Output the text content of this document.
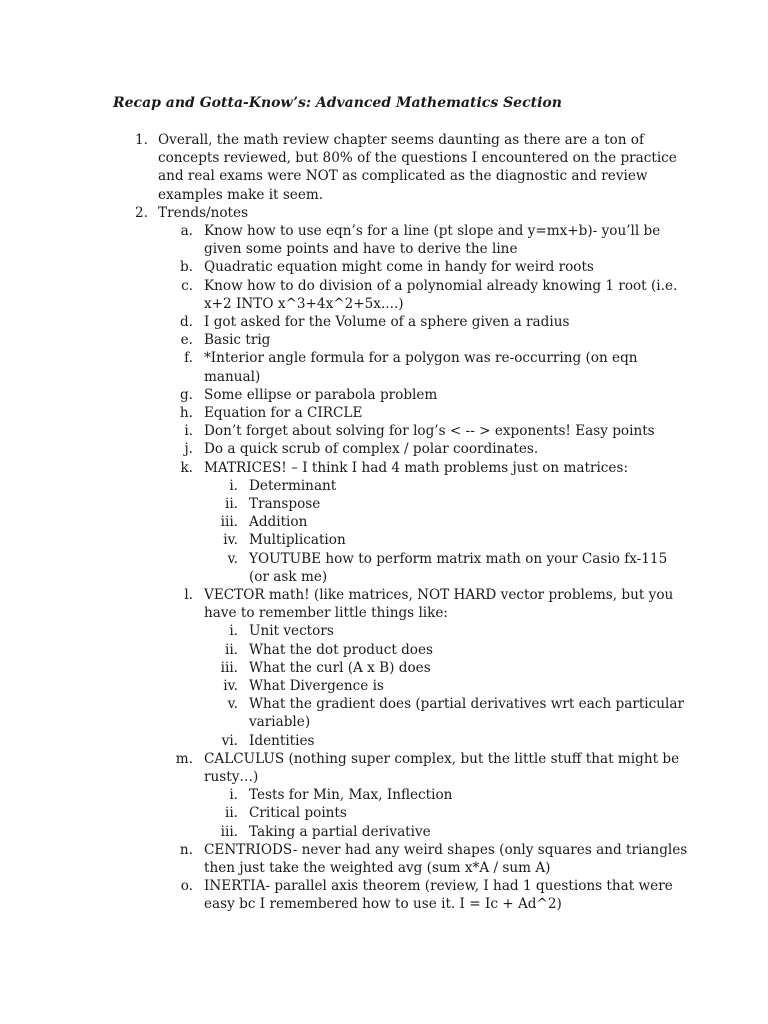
Recap and Gotta-Know’s: Advanced Mathematics Section
1. Overall, the math review chapter seems daunting as there are a ton of
concepts reviewed, but 80% of the questions I encountered on the practice
and real exams were NOT as complicated as the diagnostic and review
examples make it seem.
2. Trends/notes
a. Know how to use eqn’s for a line (pt slope and y=mx+b)- you’ll be
given some points and have to derive the line
b. Quadratic equation might come in handy for weird roots
c. Know how to do division of a polynomial already knowing 1 root (i.e.
x+2 INTO x^3+4x^2+5x....)
d. I got asked for the Volume of a sphere given a radius
e. Basic trig
f. *Interior angle formula for a polygon was re-occurring (on eqn
manual)
g. Some ellipse or parabola problem
h. Equation for a CIRCLE
i. Don’t forget about solving for log’s < -- > exponents! Easy points
j. Do a quick scrub of complex / polar coordinates.
k. MATRICES! – I think I had 4 math problems just on matrices:
i. Determinant
ii. Transpose
iii. Addition
iv. Multiplication
v. YOUTUBE how to perform matrix math on your Casio fx-115
(or ask me)
l. VECTOR math! (like matrices, NOT HARD vector problems, but you
have to remember little things like:
i. Unit vectors
ii. What the dot product does
iii. What the curl (A x B) does
iv. What Divergence is
v. What the gradient does (partial derivatives wrt each particular
variable)
vi. Identities
m. CALCULUS (nothing super complex, but the little stuff that might be
rusty…)
i. Tests for Min, Max, Inflection
ii. Critical points
iii. Taking a partial derivative
n. CENTRIODS- never had any weird shapes (only squares and triangles
then just take the weighted avg (sum x*A / sum A)
o. INERTIA- parallel axis theorem (review, I had 1 questions that were
easy bc I remembered how to use it. I = Ic + Ad^2)
